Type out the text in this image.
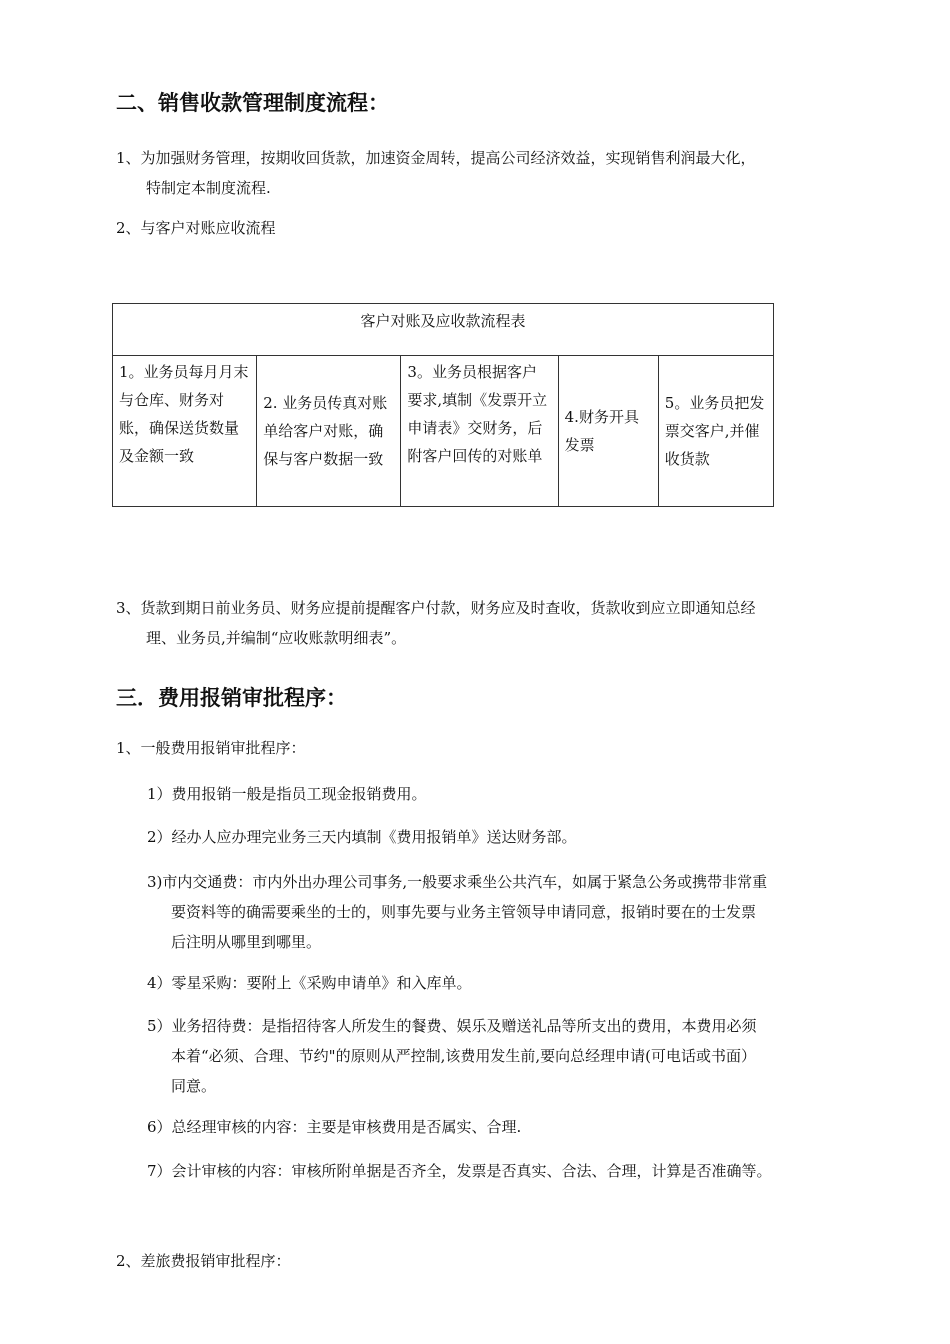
二、销售收款管理制度流程：
1、为加强财务管理，按期收回货款，加速资金周转，提高公司经济效益，实现销售利润最大化，
特制定本制度流程.
2、与客户对账应收流程
客户对账及应收款流程表
1。业务员每月月末与仓库、财务对账，确保送货数量及金额一致	2. 业务员传真对账单给客户对账，确保与客户数据一致	3。业务员根据客户要求,填制《发票开立申请表》交财务，后附客户回传的对账单	4.财务开具发票	5。业务员把发票交客户,并催收货款
3、货款到期日前业务员、财务应提前提醒客户付款，财务应及时查收，货款收到应立即通知总经
理、业务员,并编制“应收账款明细表”。
三．费用报销审批程序：
1、一般费用报销审批程序：
1）费用报销一般是指员工现金报销费用。
2）经办人应办理完业务三天内填制《费用报销单》送达财务部。
3)市内交通费：市内外出办理公司事务,一般要求乘坐公共汽车，如属于紧急公务或携带非常重
要资料等的确需要乘坐的士的，则事先要与业务主管领导申请同意，报销时要在的士发票
后注明从哪里到哪里。
4）零星采购：要附上《采购申请单》和入库单。
5）业务招待费：是指招待客人所发生的餐费、娱乐及赠送礼品等所支出的费用，本费用必须
本着“必须、合理、节约"的原则从严控制,该费用发生前,要向总经理申请(可电话或书面）
同意。
6）总经理审核的内容：主要是审核费用是否属实、合理.
7）会计审核的内容：审核所附单据是否齐全，发票是否真实、合法、合理，计算是否准确等。
2、差旅费报销审批程序：
